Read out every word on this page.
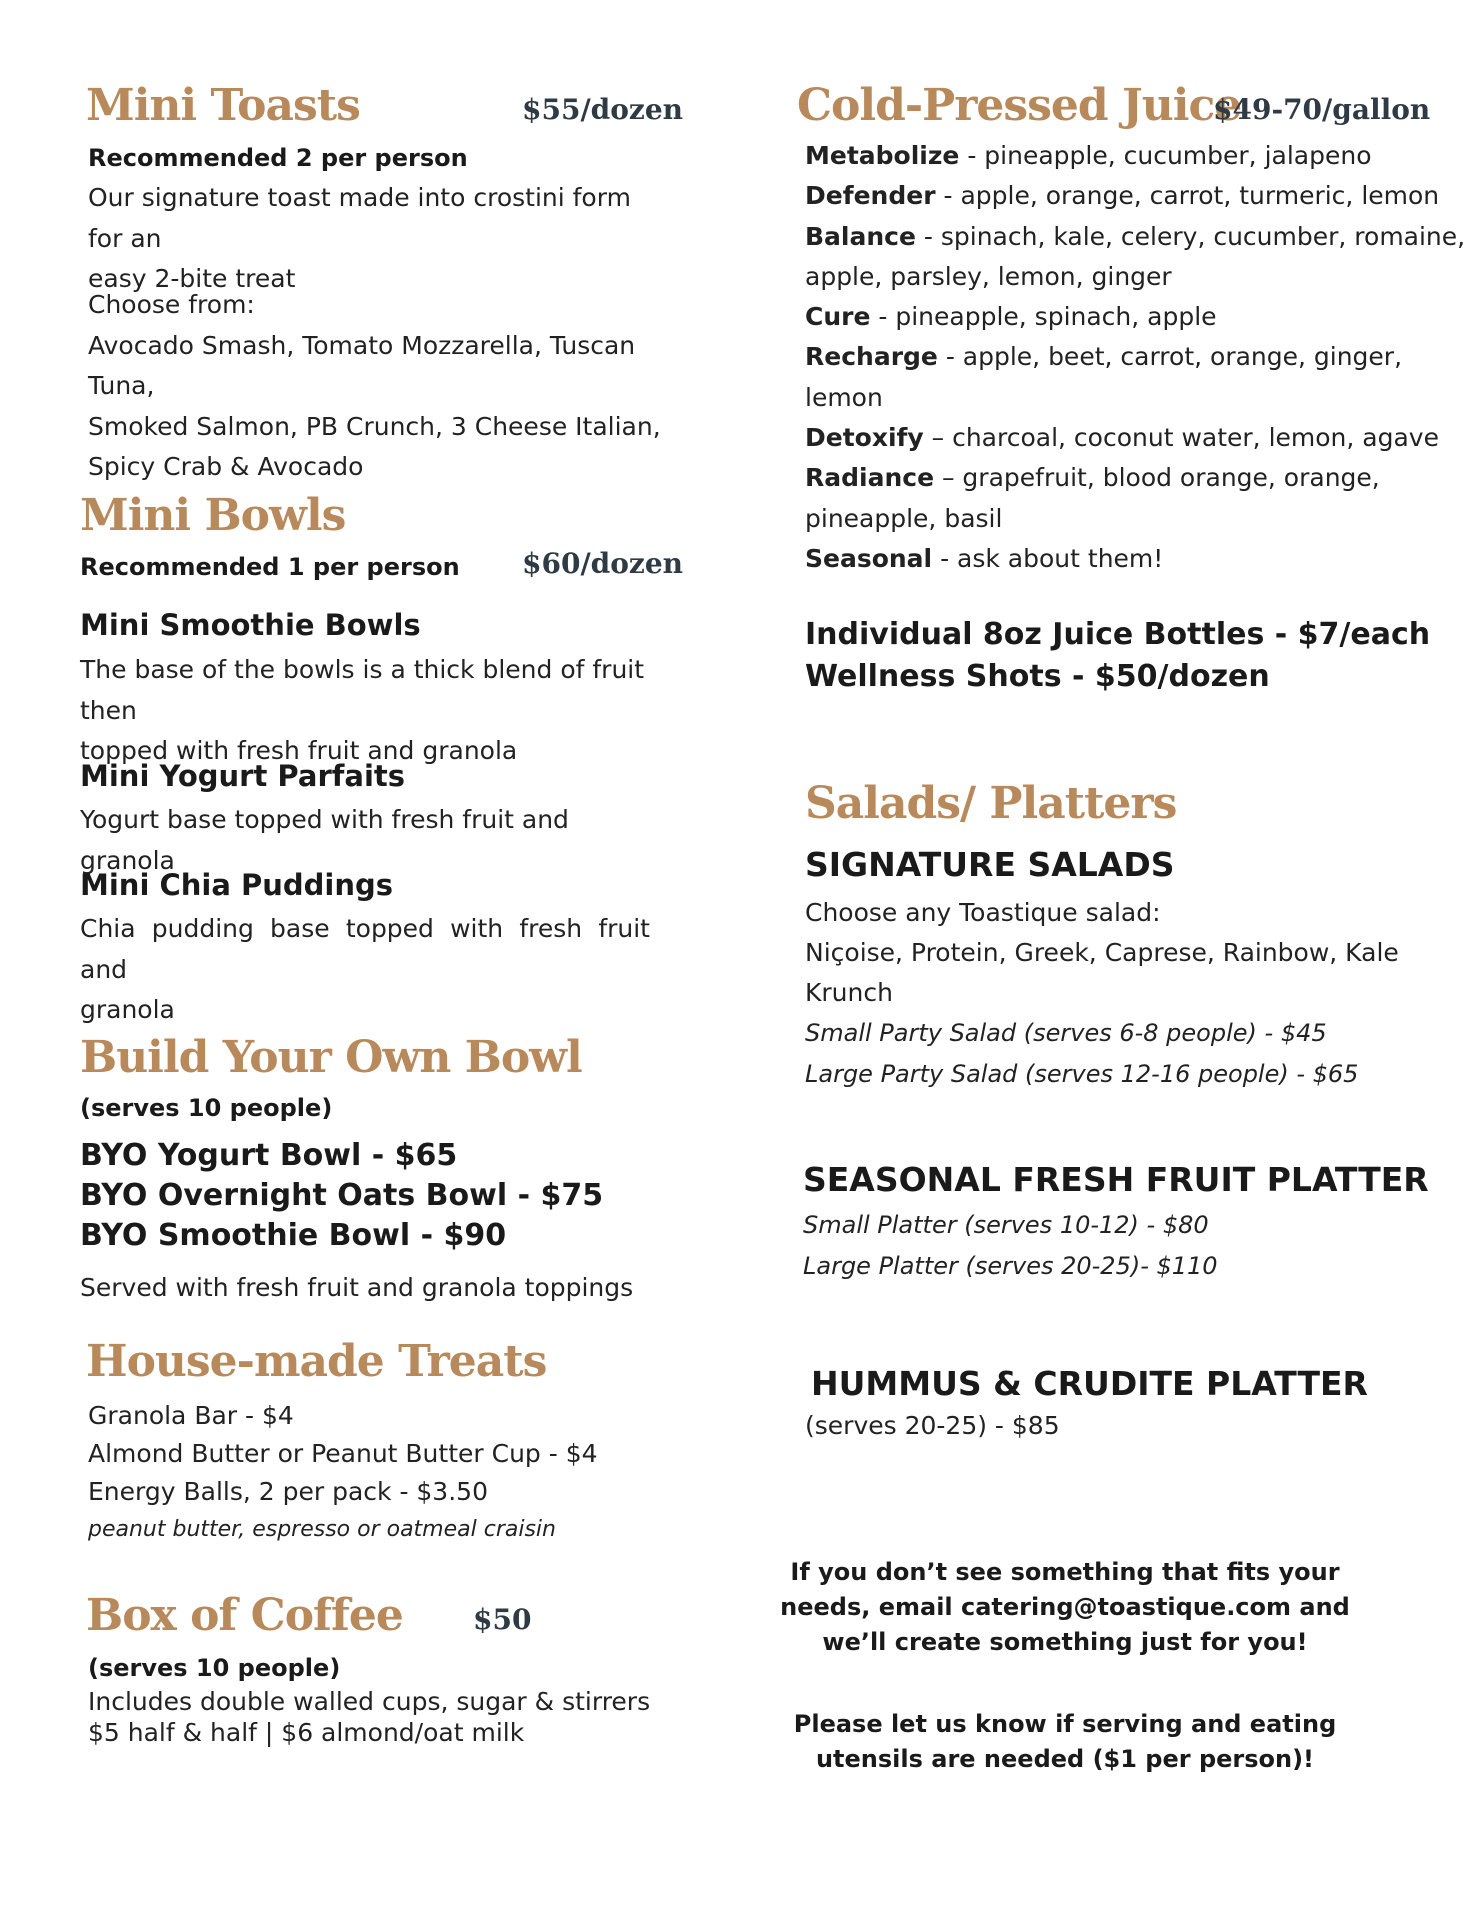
Mini Toasts	$55/dozen
Recommended 2 per person
Our signature toast made into crostini form for an
easy 2-bite treat
Choose from:
Avocado Smash, Tomato Mozzarella, Tuscan Tuna,
Smoked Salmon, PB Crunch, 3 Cheese Italian,
Spicy Crab & Avocado
Mini Bowls
Recommended 1 per person $60/dozen
Mini Smoothie Bowls
The base of the bowls is a thick blend of fruit then
topped with fresh fruit and granola
Mini Yogurt Parfaits
Yogurt base topped with fresh fruit and granola
Mini Chia Puddings
Chia pudding base topped with fresh fruit and
granola
Build Your Own Bowl
(serves 10 people)
BYO Yogurt Bowl - $65
BYO Overnight Oats Bowl - $75
BYO Smoothie Bowl - $90
Served with fresh fruit and granola toppings
House-made Treats
Granola Bar - $4
Almond Butter or Peanut Butter Cup - $4
Energy Balls, 2 per pack - $3.50
peanut butter, espresso or oatmeal craisin
Box of Coffee	$50
(serves 10 people)
Includes double walled cups, sugar & stirrers
$5 half & half | $6 almond/oat milk
Cold-Pressed Juice
$49-70/gallon
Metabolize - pineapple, cucumber, jalapeno
Defender - apple, orange, carrot, turmeric, lemon
Balance - spinach, kale, celery, cucumber, romaine,
apple, parsley, lemon, ginger
Cure - pineapple, spinach, apple
Recharge - apple, beet, carrot, orange, ginger,
lemon
Detoxify – charcoal, coconut water, lemon, agave
Radiance – grapefruit, blood orange, orange,
pineapple, basil
Seasonal - ask about them!
Individual 8oz Juice Bottles - $7/each
Wellness Shots - $50/dozen
Salads/ Platters
SIGNATURE SALADS
Choose any Toastique salad:
Niçoise, Protein, Greek, Caprese, Rainbow, Kale
Krunch
Small Party Salad (serves 6-8 people) - $45
Large Party Salad (serves 12-16 people) - $65
SEASONAL FRESH FRUIT PLATTER
Small Platter (serves 10-12) - $80
Large Platter (serves 20-25)- $110
HUMMUS & CRUDITE PLATTER
(serves 20-25) - $85
If you don’t see something that fits your
needs, email catering@toastique.com and
we’ll create something just for you!
Please let us know if serving and eating
utensils are needed ($1 per person)!
